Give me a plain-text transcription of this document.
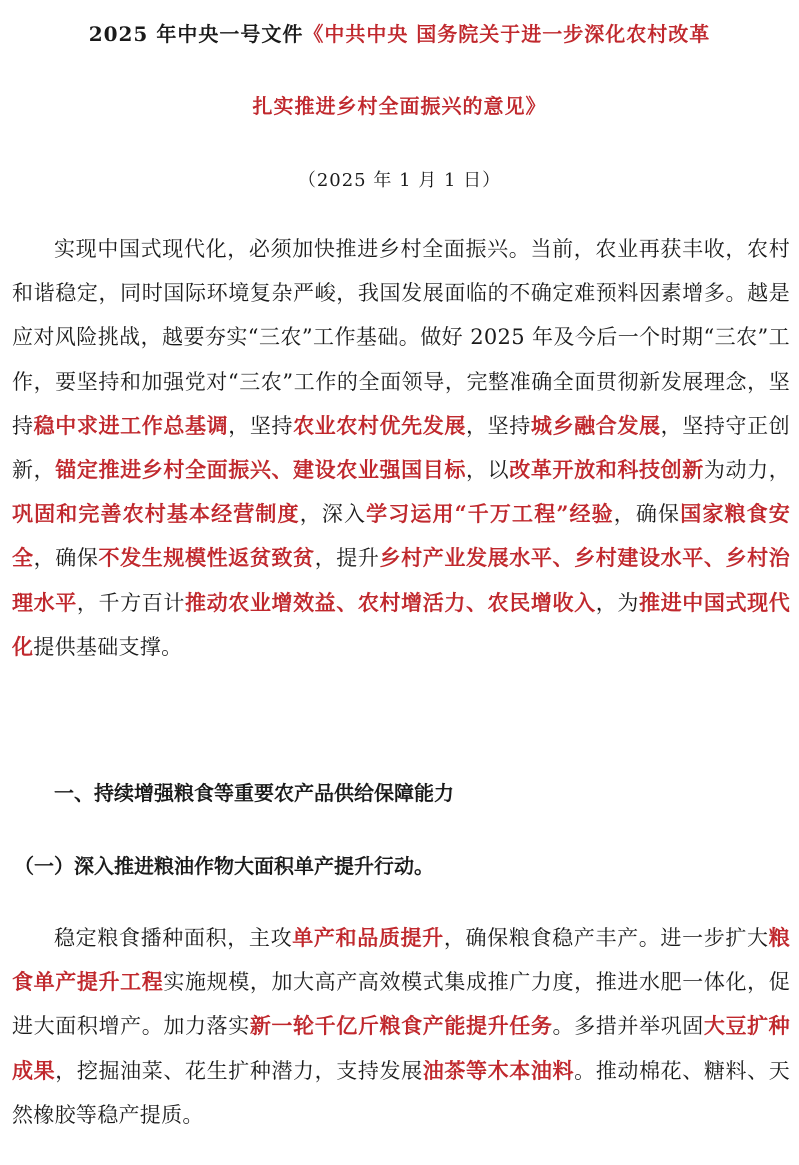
2025 年中央一号文件《中共中央 国务院关于进一步深化农村改革
扎实推进乡村全面振兴的意见》
（2025 年 1 月 1 日）
实现中国式现代化，必须加快推进乡村全面振兴。当前，农业再获丰收，农村和谐稳定，同时国际环境复杂严峻，我国发展面临的不确定难预料因素增多。越是应对风险挑战，越要夯实“三农”工作基础。做好 2025 年及今后一个时期“三农”工作，要坚持和加强党对“三农”工作的全面领导，完整准确全面贯彻新发展理念，坚持稳中求进工作总基调，坚持农业农村优先发展，坚持城乡融合发展，坚持守正创新，锚定推进乡村全面振兴、建设农业强国目标，以改革开放和科技创新为动力，巩固和完善农村基本经营制度，深入学习运用“千万工程”经验，确保国家粮食安全，确保不发生规模性返贫致贫，提升乡村产业发展水平、乡村建设水平、乡村治理水平，千方百计推动农业增效益、农村增活力、农民增收入，为推进中国式现代化提供基础支撑。
一、持续增强粮食等重要农产品供给保障能力
（一）深入推进粮油作物大面积单产提升行动。
稳定粮食播种面积，主攻单产和品质提升，确保粮食稳产丰产。进一步扩大粮食单产提升工程实施规模，加大高产高效模式集成推广力度，推进水肥一体化，促进大面积增产。加力落实新一轮千亿斤粮食产能提升任务。多措并举巩固大豆扩种成果，挖掘油菜、花生扩种潜力，支持发展油茶等木本油料。推动棉花、糖料、天然橡胶等稳产提质。
